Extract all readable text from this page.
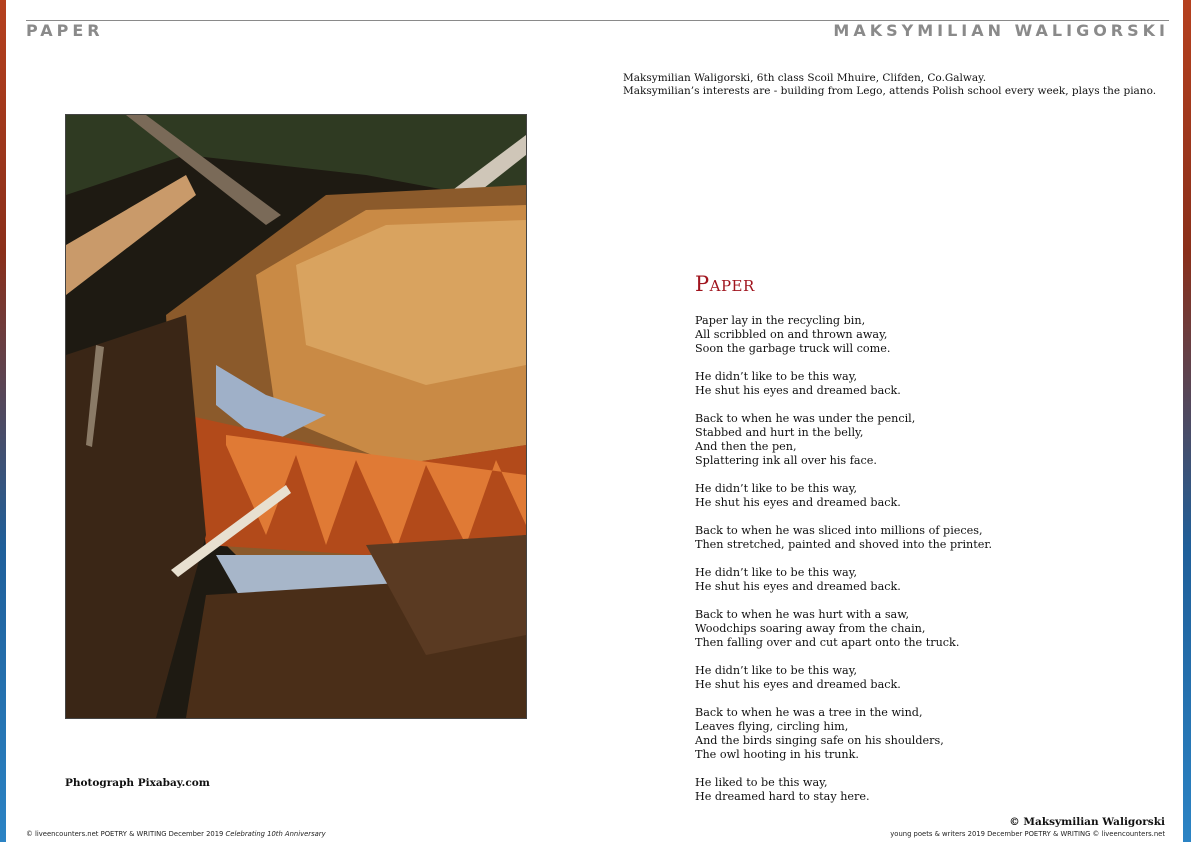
PAPER	MAKSYMILIAN WALIGORSKI
Maksymilian Waligorski, 6th class Scoil Mhuire, Clifden, Co.Galway.
Maksymilian’s interests are - building from Lego, attends Polish school every week, plays the piano.
Photograph Pixabay.com
Paper
Paper lay in the recycling bin,
All scribbled on and thrown away,
Soon the garbage truck will come.
He didn’t like to be this way,
He shut his eyes and dreamed back.
Back to when he was under the pencil,
Stabbed and hurt in the belly,
And then the pen,
Splattering ink all over his face.
He didn’t like to be this way,
He shut his eyes and dreamed back.
Back to when he was sliced into millions of pieces,
Then stretched, painted and shoved into the printer.
He didn’t like to be this way,
He shut his eyes and dreamed back.
Back to when he was hurt with a saw,
Woodchips soaring away from the chain,
Then falling over and cut apart onto the truck.
He didn’t like to be this way,
He shut his eyes and dreamed back.
Back to when he was a tree in the wind,
Leaves flying, circling him,
And the birds singing safe on his shoulders,
The owl hooting in his trunk.
He liked to be this way,
He dreamed hard to stay here.
© Maksymilian Waligorski
© liveencounters.net POETRY & WRITING December 2019 Celebrating 10th Anniversary	young poets & writers 2019 December POETRY & WRITING © liveencounters.net
